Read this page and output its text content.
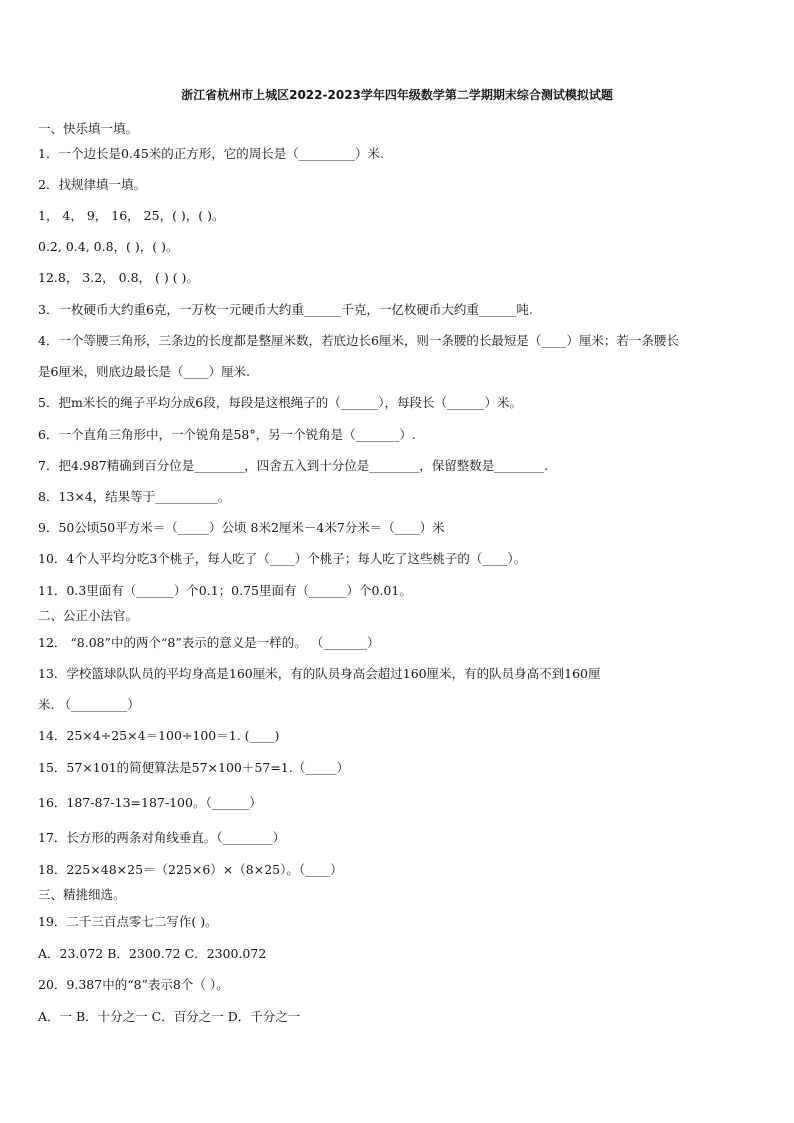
浙江省杭州市上城区2022-2023学年四年级数学第二学期期末综合测试模拟试题
一、快乐填一填。
1．一个边长是0.45米的正方形，它的周长是（_________）米.
2．找规律填一填。
1， 4， 9， 16， 25，( )，( )。
0.2, 0.4, 0.8，( )，( )。
12.8， 3.2， 0.8， ( ) ( )。
3．一枚硬币大约重6克，一万枚一元硬币大约重______千克，一亿枚硬币大约重______吨.
4．一个等腰三角形，三条边的长度都是整厘米数，若底边长6厘米，则一条腰的长最短是（____）厘米；若一条腰长
是6厘米，则底边最长是（____）厘米.
5．把m米长的绳子平均分成6段，每段是这根绳子的（______），每段长（______）米。
6．一个直角三角形中，一个锐角是58°，另一个锐角是（_______）.
7．把4.987精确到百分位是________，四舍五入到十分位是________，保留整数是________.
8．13×4，结果等于__________。
9．50公顷50平方米＝（_____）公顷 8米2厘米－4米7分米＝（____）米
10．4个人平均分吃3个桃子，每人吃了（____）个桃子；每人吃了这些桃子的（____）。
11．0.3里面有（______）个0.1；0.75里面有（______）个0.01。
二、公正小法官。
12． “8.08”中的两个“8”表示的意义是一样的。 （_______）
13．学校篮球队队员的平均身高是160厘米，有的队员身高会超过160厘米，有的队员身高不到160厘
米. （_________）
14．25×4÷25×4＝100÷100＝1. (____)
15．57×101的简便算法是57×100＋57=1.（_____）
16．187-87-13=187-100。（______）
17．长方形的两条对角线垂直。（________）
18．225×48×25＝（225×6）×（8×25）。（____）
三、精挑细选。
19．二千三百点零七二写作( )。
A．23.072 B．2300.72 C．2300.072
20．9.387中的“8”表示8个（ ）。
A．一 B．十分之一 C．百分之一 D．千分之一
